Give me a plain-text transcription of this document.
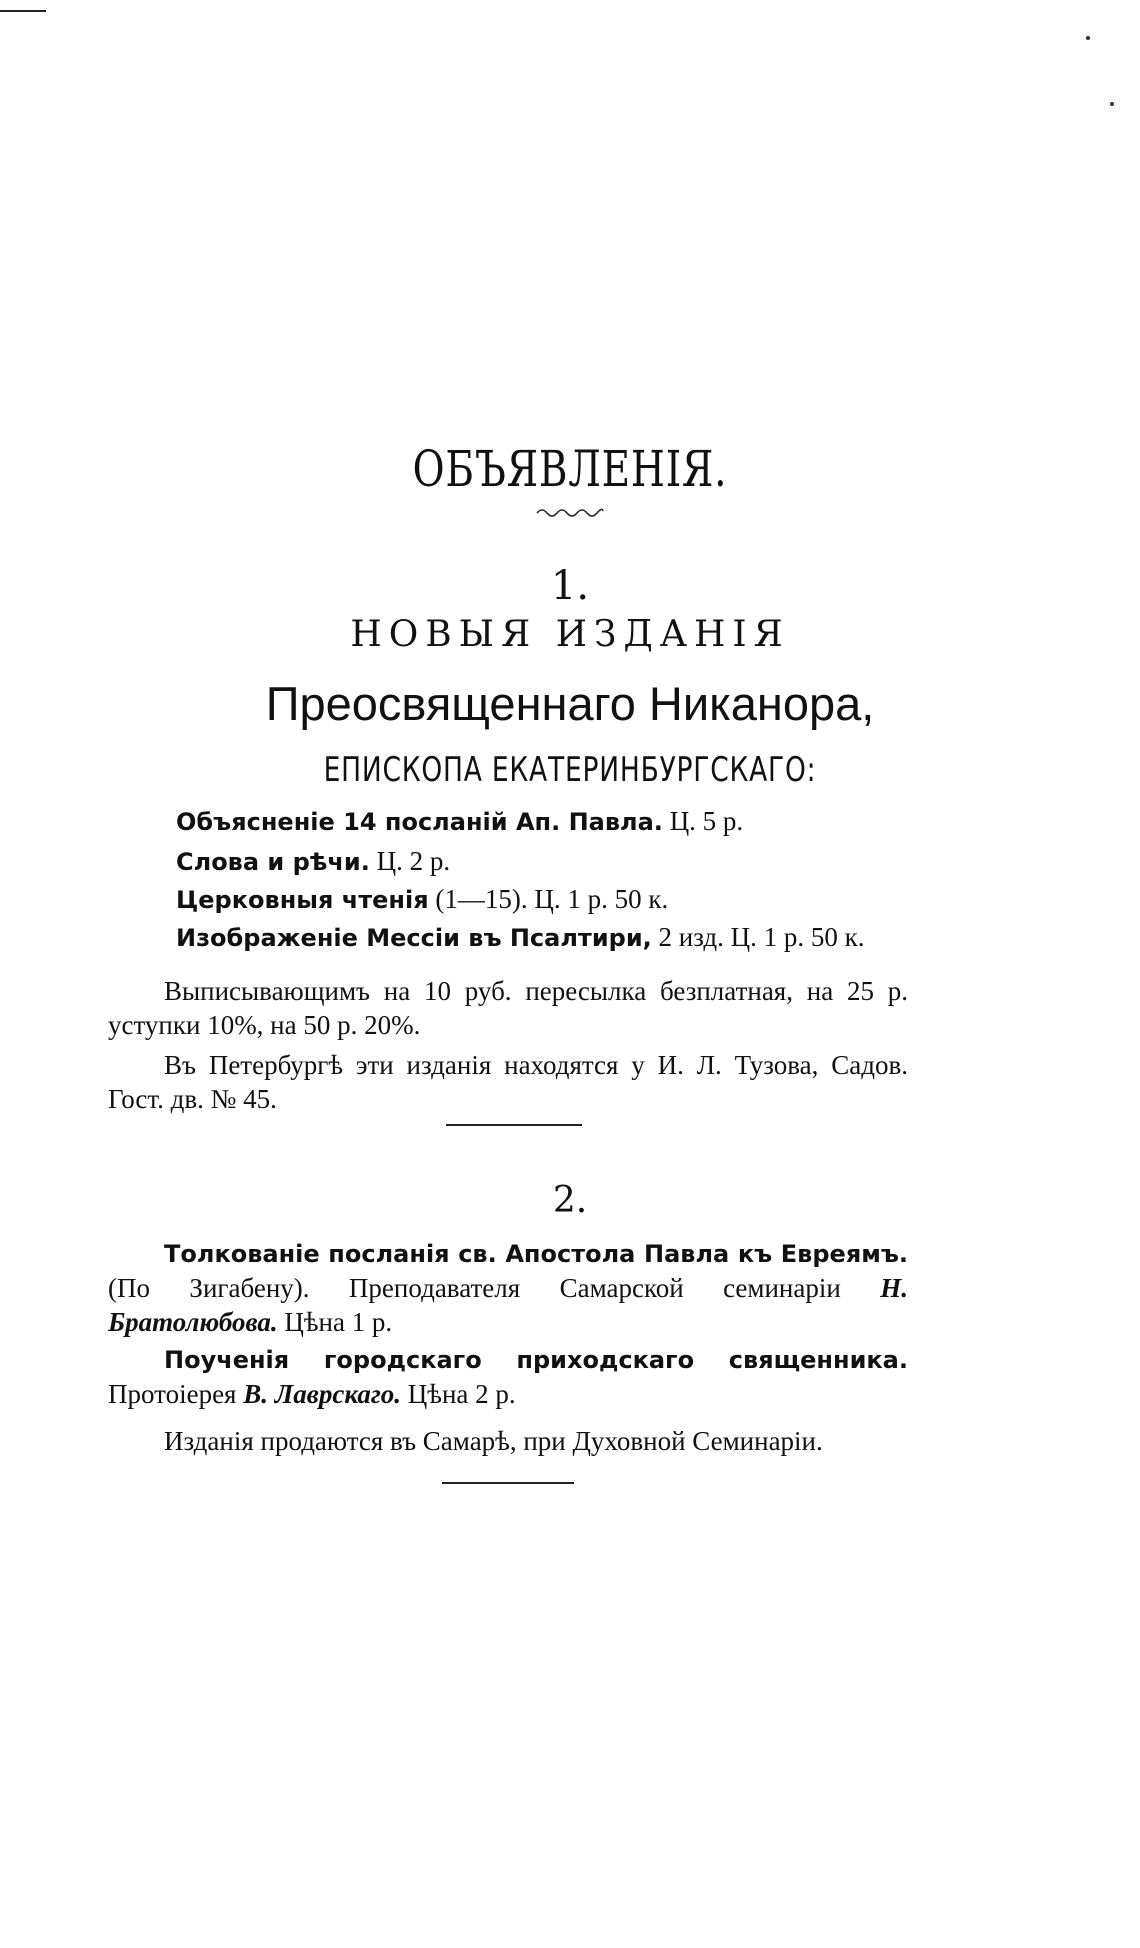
ОБЪЯВЛЕНІЯ.
1.
НОВЫЯ ИЗДАНІЯ
Преосвященнаго Никанора,
ЕПИСКОПА ЕКАТЕРИНБУРГСКАГО:
Объясненіе 14 посланій Ап. Павла. Ц. 5 р.
Слова и рѣчи. Ц. 2 р.
Церковныя чтенія (1—15). Ц. 1 р. 50 к.
Изображеніе Мессіи въ Псалтири, 2 изд. Ц. 1 р. 50 к.
Выписывающимъ на 10 руб. пересылка безплатная, на 25 р. уступки 10%, на 50 р. 20%.
Въ Петербургѣ эти изданія находятся у И. Л. Тузова, Садов. Гост. дв. № 45.
2.
Толкованіе посланія св. Апостола Павла къ Евреямъ. (По Зигабену). Преподавателя Самарской семинаріи Н. Братолюбова. Цѣна 1 р.
Поученія городскаго приходскаго священника. Протоіерея В. Лаврскаго. Цѣна 2 р.
Изданія продаются въ Самарѣ, при Духовной Семинаріи.
